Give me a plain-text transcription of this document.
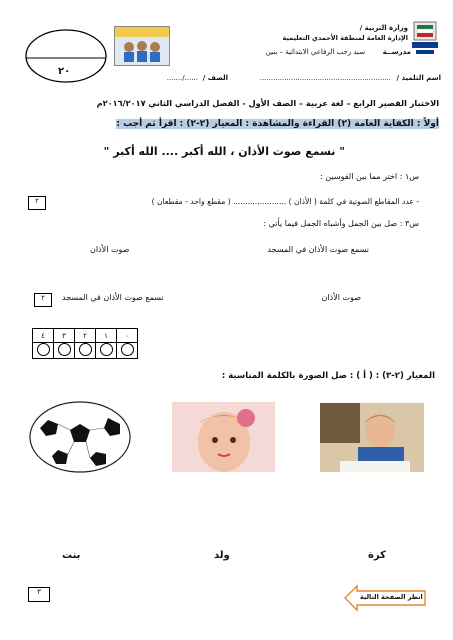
وزارة التربية /
الإدارة العامة لمنطقة الأحمدي التعليمية
مدرســة
سيد رجب الرفاعي الابتدائية – بنين
٢٠
اسم التلميذ /
...........................................................
الصف /
....../.......
الاختبار القصير الرابع – لغة عربية – الصف الأول - الفصل الدراسي الثاني ٢٠١٦/٢٠١٧م
أولاً : الكفاية العامة (٢) القراءة والمشاهدة : المعيار (٢-٢) : اقرأ ثم أجب :
" نسمع صوت الأذان ، الله أكبر .... الله أكبر "
س١ : اختر مما بين القوسين :
- عدد المقاطع الصوتية في كلمة ( الأذان ) ...................... ( مقطع واحد - مقطعان )
٢
س٣ : صل بين الجمل وأشباه الجمل فيما يأتي :
نسمع صوت الأذان في المسجد
صوت الأذان
٢	نسمع صوت الأذان في المسجد	صوت الأذان
٤	٣	٢	١	٠

المعيار (٢-٣) : ( أ ) : صل الصورة بالكلمة المناسبة :
كرة
ولد
بنت
٣
انظر الصفحة التالية
